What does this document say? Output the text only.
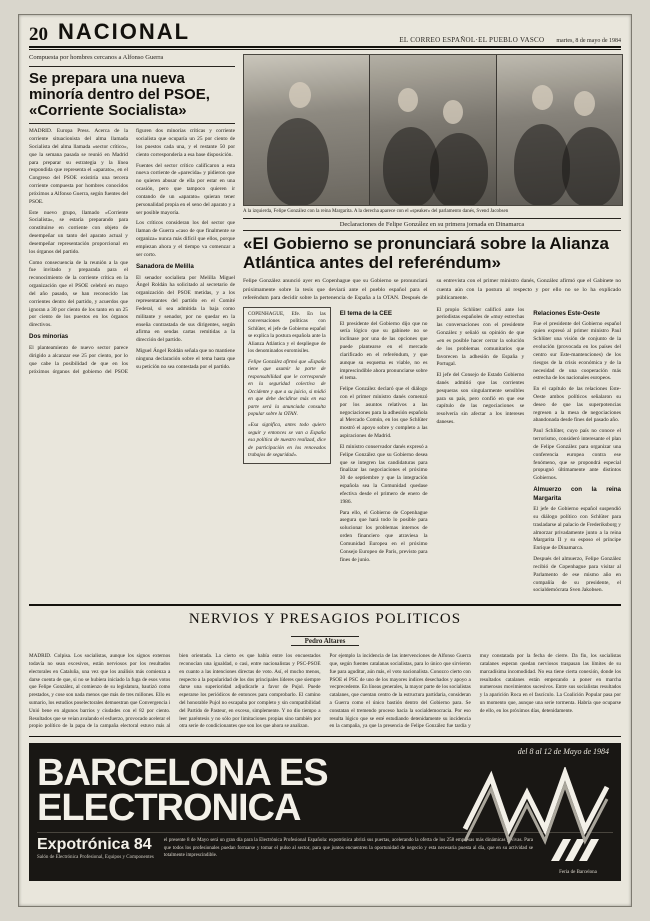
20 NACIONAL	EL CORREO ESPAÑOL·EL PUEBLO VASCO martes, 8 de mayo de 1984
Compuesta por hombres cercanos a Alfonso Guerra
Se prepara una nueva minoría dentro del PSOE, «Corriente Socialista»

MADRID. Europa Press. Acerca de la corriente situacionista del alma llamada Socialista del alma llamada «sector crítico», que la semana pasada se reunió en Madrid para preparar su estrategia y la línea respondida que representa el «aparato», en el Congreso del PSOE existiría una tercera corriente compuesta por hombres conocidos próximos a Alfonso Guerra, según fuentes del PSOE.

Este nuevo grupo, llamado «Corriente Socialista», se estaría preparando para constituirse en corriente con objeto de desempeñar un tanto del aparato actual y desempeñar representación proporcional en los órganos del partido.

Como consecuencia de la reunión a la que fue invitado y preparada para el reconocimiento de la corriente crítica en la organización que el PSOE celebró en mayo del año pasado, se han reconocido las corrientes dentro del partido, y acuerdos que ignoran a 30 por ciento de los tanto en un 25 por ciento de los puestos en los órganos directivos.

Dos minorías

El planteamiento de nuevo sector parece dirigido a alcanzar ese 25 por ciento, por lo que cabe la posibilidad de que en los próximos órganos del gobierno del PSOE figuren dos minorías críticas y corriente socialista que ocuparía un 25 por ciento de los puestos cada una, y el restante 50 por ciento correspondería a esa base disposición.

Fuentes del sector crítico calificaron a esta nueva corriente de «parecida» y pidieron que no quieren abusar de ella por estar en una ocasión, pero que tampoco quieren ir contando de un «aparato» quieran tener personalidad propia en el seno del aparato y a ser posible mayoría.

Los críticos consideran los del sector que llaman de Guerra «caso de que finalmente se organiza» nunca más difícil que ellos, porque empiezan ahora y el tiempo va comenzar a ser corto.

Sanadora de Melilla

El senador socialista por Melilla Miguel Ángel Roldán ha solicitado al secretario de organización del PSOE metidas, y a los representantes del partido en el Comité Federal, si sea admitida la baja como militante y senador, por no quedar en la enseña contrastada de sus dirigentes, según afirma en sendas cartas remitidas a la dirección del partido.

Miguel Ángel Roldán señala que no mantiene ninguna declaración sobre el tema hasta que su petición no sea contestada por el partido.

A la izquierda, Felipe González con la reina Margarita. A la derecha aparece con el «speaker» del parlamento danés, Svend Jacobsen
Declaraciones de Felipe González en su primera jornada en Dinamarca
«El Gobierno se pronunciará sobre la Alianza Atlántica antes del referéndum»
Felipe González anunció ayer en Copenhague que su Gobierno se pronunciará próximamente sobre la tesis que deviará ante el pueblo español para el referéndum para decidir sobre la pertenencia de España a la OTAN. Después de su entrevista con el primer ministro danés, González afirmó que el Gabinete no cuenta aún con la postura al respecto y por ello no se lo ha explicado públicamente.

COPENHAGUE, Efe. En las conversaciones políticas con Schlüter, el jefe de Gobierno español se explica la postura española ante la Alianza Atlántica y el despliegue de los denominados euromisiles.

Felipe González afirmó que «España tiene que asumir la parte de responsabilidad que le corresponde en la seguridad colectiva de Occidente y que a su juicio, si midió en que debe decidirse más en esa parte será la anunciada consulta popular sobre la OTAN.

«Esa significa, antes todo quiero seguir y entonces se van a España esa política de nuestro realizad, dice de participación en los renovados trabajos de seguridad».

El tema de la CEE

El presidente del Gobierno dijo que no sería lógico que su gabinete no se inclinase por una de las opciones que puede plantearse en el mercado clarificado en el referéndum, y que aunque su esquema es viable, no es imprescindible ahora pronunciarse sobre el tema.

Felipe González declaró que el diálogo con el primer ministro danés comenzó por los asuntos relativos a las negociaciones para la adhesión española al Mercado Común, en los que Schlüter mostró el apoyo sobre y completo a las aspiraciones de Madrid.

El ministro conservador danés expresó a Felipe González que su Gobierno desea que se integren las candidaturas para finalizar las negociaciones el próximo 30 de septiembre y que la integración española sea la Comunidad quedase efectiva desde el primero de enero de 1986.

Para ello, el Gobierno de Copenhague asegura que hará todo lo posible para solucionar los problemas internos de orden financiero que atraviesa la Comunidad Europea en el próximo Consejo Europeo de París, previsto para fines de junio.

El propio Schlüter calificó ante los periodistas españoles de «muy estrechas las conversaciones con el presidente González y señaló su opinión de que «en es posible hacer cerrar la solución de los problemas comunitarios que favorecen la adhesión de España y Portugal.

El jefe del Consejo de Estado Gobierno danés admitió que las corrientes pesqueras son singularmente sensibles para su país, pero confió en que ese capítulo de las negociaciones se resolvería sin afectar a los intereses daneses.

Relaciones Este-Oeste

Fue el presidente del Gobierno español quien expresó al primer ministro Paul Schlüter una visión de conjunto de la evolución (provocada en los países del centro sur Este-mantenciones) de los riesgos de la crisis económica y de la necesidad de una cooperación más estrecha de los nacionales europeos.

En el capítulo de las relaciones Este-Oeste ambos políticos señalaron su deseo de que las superpotencias regresen a la mesa de negociaciones abandonada desde fines del pasado año.

Paul Schlüter, cuyo país no conoce el terrorismo, consideró interesante el plan de Felipe González para organizar una conferencia europea contra ese fenómeno, que se propondrá especial propugnó últimamente ante distintos Gobiernos.

Almuerzo con la reina Margarita

El jefe de Gobierno español suspendió su diálogo político con Schlüter para trasladarse al palacio de Frederiksborg y almorzar privadamente junto a la reina Margarita II y su esposo el príncipe Enrique de Dinamarca.

Después del almuerzo, Felipe González recibió de Copenhague para visitar al Parlamento de ese mismo año en compañía de su presidente, el socialdemócrata Sven Jakobsen.

NERVIOS Y PRESAGIOS POLITICOS
Pedro Altares

MADRID. Colpisa. Los socialistas, aunque los signos externos todavía no sean excesivos, están nerviosos por los resultados electorales en Cataluña, una vez que los análisis más comienza a darse cuenta de que, si no se hubiera iniciado la fuga de esos votos que Felipe González, al comienzo de su legislatura, bautizó como prestados, y cose son nada menos que más de tres millones. Ello es sumario, los estudios poselectorales demuestran que Convergencia i Unió bene en algunos barrios y ciudades con el 82 por ciento. Resultados que se veían avalando el esfuerzo, provocado acelerar el propio político de la papa de la campaña electoral estuvo más al bien orientada. La cierto es que había entre los encuestados reconocían una igualdad, o casi, entre nacionalistas y PSC-PSOE en cuanto a las intenciones directas de voto. Así, el mucho menos, respecto a la popularidad de los dos principales líderes que siempre darse una superioridad adjudicarle a favor de Pujol. Puede esperarse los periódicos de entonces para comprobarlo. El camino del honorable Pujol no escapaba por completo y sin compatibilidad del Partido de Pasteur, en exceso, simplemente. Y no dio tiempo a leer paréntesis y no sólo por limitaciones propias sino también por otra serie de condicionantes que son los que ahora se analizan.

Por ejemplo la incidencia de las intervenciones de Alfonso Guerra que, según fuentes catalanas socialistas, para lo único que sirvieron fue para aguditar, aún más, el voto nacionalista. Conozco cierto con PSOE el PSC de uno de los mayores índices desechados y apoyo a vecprecedente. En líneas generales, la mayor parte de los socialistas catalanes, que cuentan centro de la estructura partidaria, consideran a Guerra como el único bastión dentro del Gobierno para. Se constatan el tremendo proceso hacia la socialdemocracia. Por eso resulta lógico que se esté estudiando detenidamente su incidencia en la campaña, ya que la presencia de Felipe González fue tardía y muy constatada por la fecha de cierre. Da fin, los socialistas catalanes esperan quedan nerviosos traspasan las límites de su marcadísima incomodidad. No esa tiene cierta conexión, donde los resultados catalanes están empezando a poner en marcha numerosos movimientos sucesivos. Entre sus socialistas resultados y la aparición Roca en el fascículo. La Coalición Popular pasa por un momento que, aunque una serie tormenta. Habría que ocuparse de ello, en los próximos días, detenidamente.

del 8 al 12 de Mayo de 1984
BARCELONA ES
ELECTRONICA
Expotrónica 84
Salón de Electrónica Profesional, Equipos y Componentes
el presente 8 de Mayo será un gran día para la Electrónica Profesional Española: expotrónica abrirá sus puertas, acelerando la oferta de los 258 empresas más dinámicas y vivas. Para que todos los profesionales puedan formarse y tomar el pulso al sector, para que juntos encuentren la oportunidad de negocio y esta necesaria puesta al día, que en su actividad se totalmente imprescindible.
Feria de Barcelona
